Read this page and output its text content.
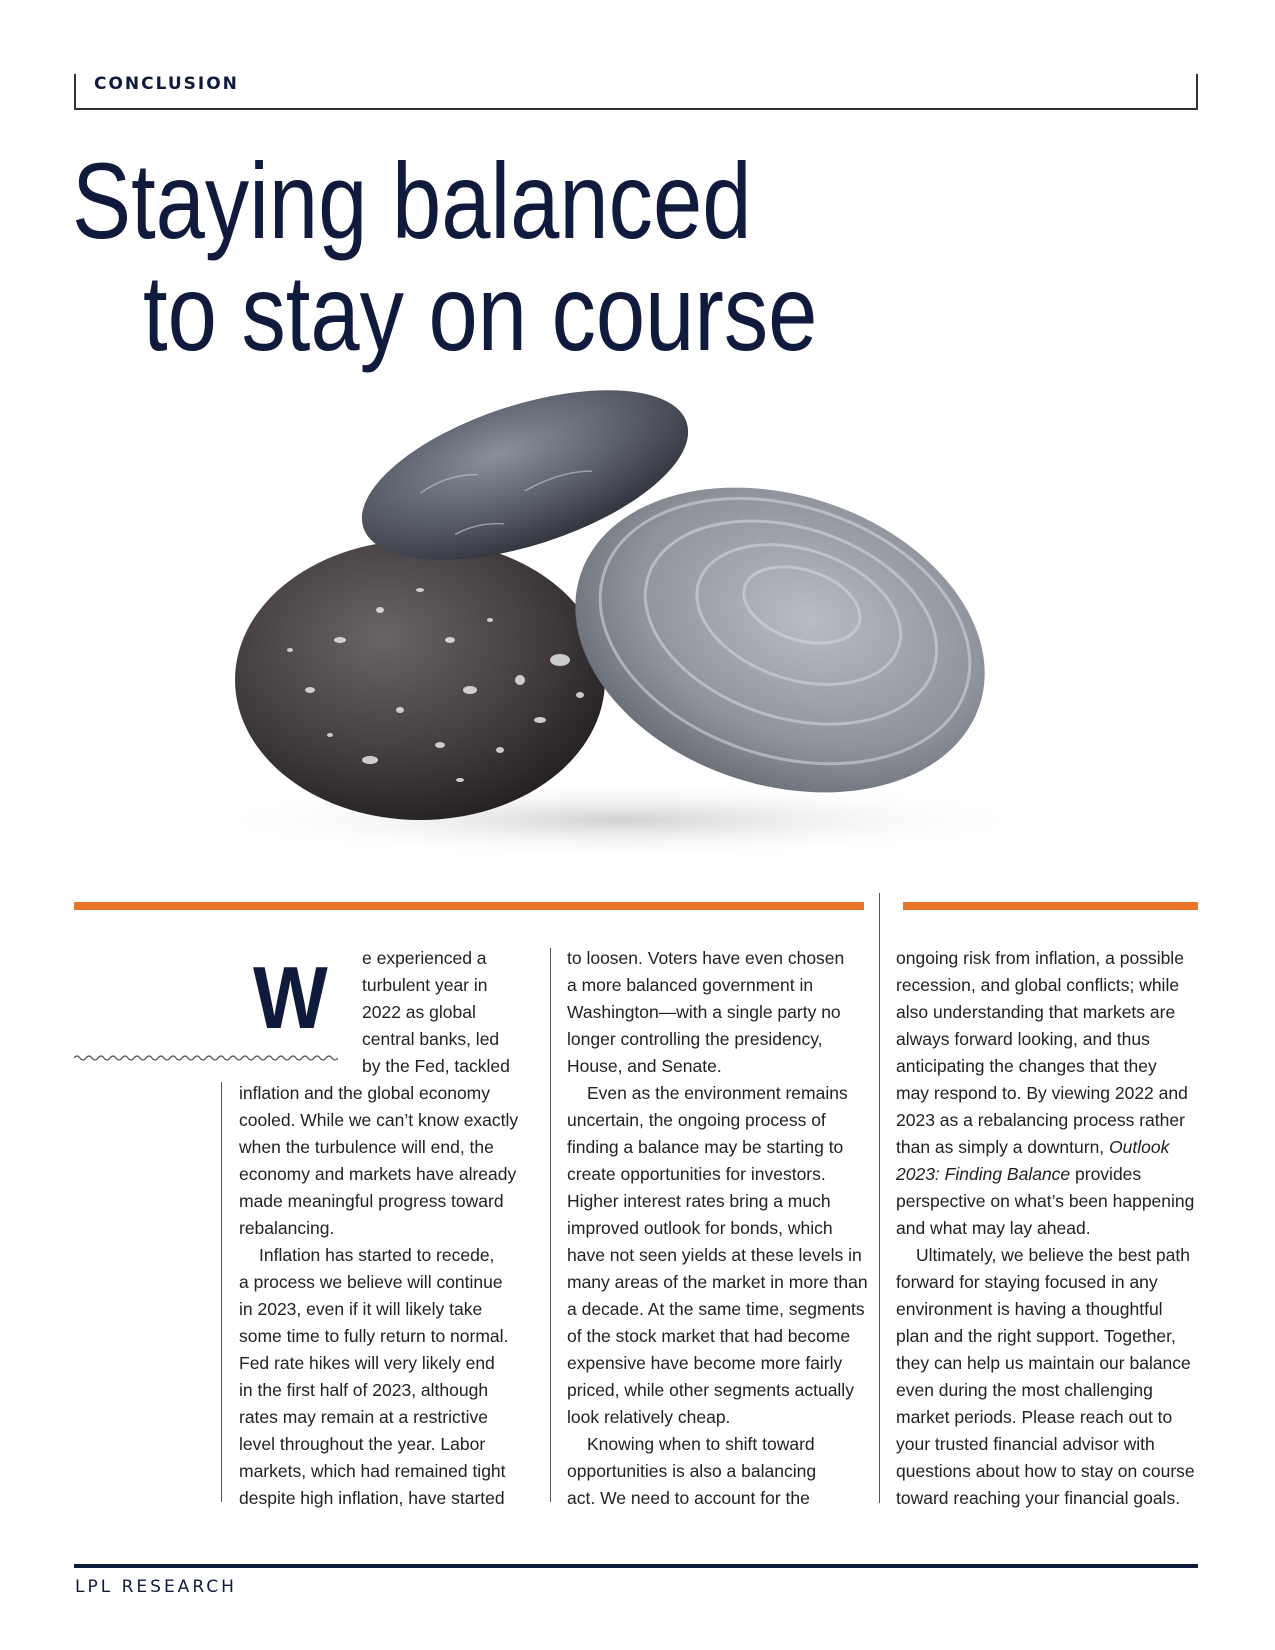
CONCLUSION
Staying balanced
to stay on course
W e experienced a
turbulent year in
2022 as global
central banks, led
by the Fed, tackled

inflation and the global economy
cooled. While we can’t know exactly
when the turbulence will end, the
economy and markets have already
made meaningful progress toward
rebalancing.

Inflation has started to recede,
a process we believe will continue
in 2023, even if it will likely take
some time to fully return to normal.
Fed rate hikes will very likely end
in the first half of 2023, although
rates may remain at a restrictive
level throughout the year. Labor
markets, which had remained tight
despite high inflation, have started

to loosen. Voters have even chosen
a more balanced government in
Washington—with a single party no
longer controlling the presidency,
House, and Senate.

Even as the environment remains
uncertain, the ongoing process of
finding a balance may be starting to
create opportunities for investors.
Higher interest rates bring a much
improved outlook for bonds, which
have not seen yields at these levels in
many areas of the market in more than
a decade. At the same time, segments
of the stock market that had become
expensive have become more fairly
priced, while other segments actually
look relatively cheap.

Knowing when to shift toward
opportunities is also a balancing
act. We need to account for the

ongoing risk from inflation, a possible
recession, and global conflicts; while
also understanding that markets are
always forward looking, and thus
anticipating the changes that they
may respond to. By viewing 2022 and
2023 as a rebalancing process rather
than as simply a downturn, Outlook
2023: Finding Balance provides
perspective on what’s been happening
and what may lay ahead.

Ultimately, we believe the best path
forward for staying focused in any
environment is having a thoughtful
plan and the right support. Together,
they can help us maintain our balance
even during the most challenging
market periods. Please reach out to
your trusted financial advisor with
questions about how to stay on course
toward reaching your financial goals.

LPL RESEARCH
